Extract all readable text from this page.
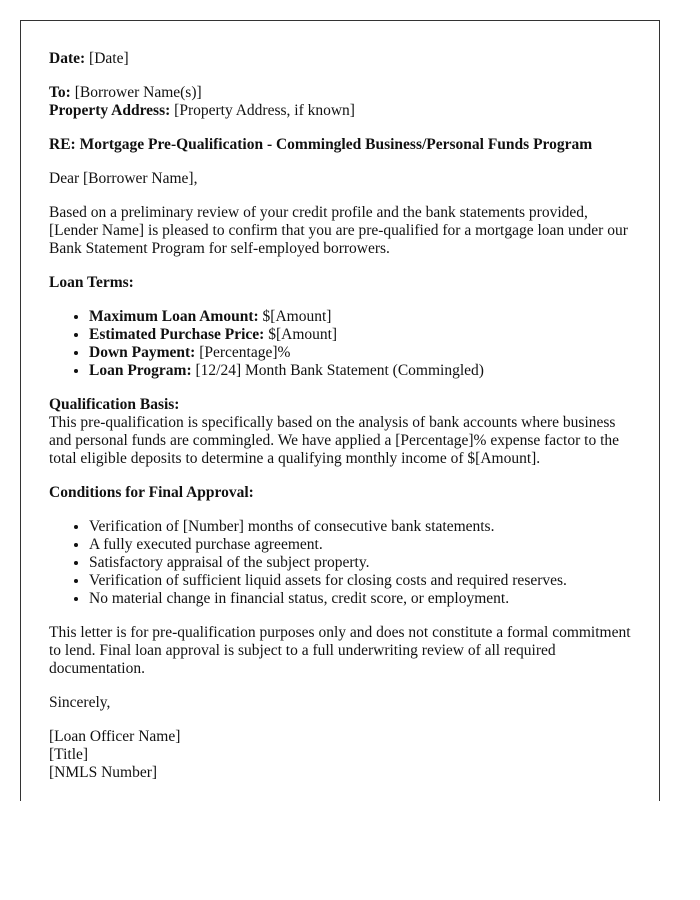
Date: [Date]

To: [Borrower Name(s)]
Property Address: [Property Address, if known]

RE: Mortgage Pre-Qualification - Commingled Business/Personal Funds Program

Dear [Borrower Name],

Based on a preliminary review of your credit profile and the bank statements provided, [Lender Name] is pleased to confirm that you are pre-qualified for a mortgage loan under our Bank Statement Program for self-employed borrowers.

Loan Terms:

• Maximum Loan Amount: $[Amount]
• Estimated Purchase Price: $[Amount]
• Down Payment: [Percentage]%
• Loan Program: [12/24] Month Bank Statement (Commingled)
Qualification Basis:
This pre-qualification is specifically based on the analysis of bank accounts where business and personal funds are commingled. We have applied a [Percentage]% expense factor to the total eligible deposits to determine a qualifying monthly income of $[Amount].

Conditions for Final Approval:

• Verification of [Number] months of consecutive bank statements.
• A fully executed purchase agreement.
• Satisfactory appraisal of the subject property.
• Verification of sufficient liquid assets for closing costs and required reserves.
• No material change in financial status, credit score, or employment.

This letter is for pre-qualification purposes only and does not constitute a formal commitment to lend. Final loan approval is subject to a full underwriting review of all required documentation.

Sincerely,

[Loan Officer Name]
[Title]
[NMLS Number]
